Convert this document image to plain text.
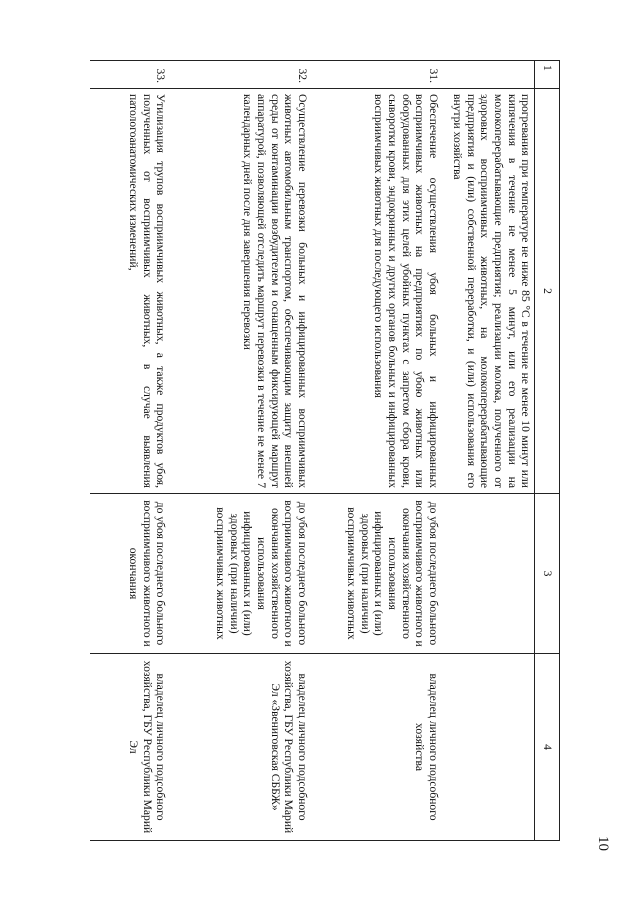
10
1	2	3	4
	прогревания при температуре не ниже 85 °С в течение не менее 10 минут или кипячения в течение не менее 5 минут, или его реализации на молокоперерабатывающие предприятия; реализации молока, полученного от здоровых восприимчивых животных, на молокоперерабатывающие предприятия и (или) собственной переработки, и (или) использования его внутри хозяйства		
31.	Обеспечение осуществления убоя больных и инфицированных восприимчивых животных на предприятиях по убою животных или оборудованных для этих целей убойных пунктах с запретом сбора крови, сыворотки крови, эндокринных и других органов больных и инфицированных восприимчивых животных для последующего использования	до убоя последнего больного восприимчивого животного и окончания хозяйственного использования инфицированных и (или) здоровых (при наличии) восприимчивых животных	владелец личного подсобного хозяйства
32.	Осуществление перевозки больных и инфицированных восприимчивых животных автомобильным транспортом, обеспечивающим защиту внешней среды от контаминации возбудителем и оснащенным фиксирующей маршрут аппаратурой, позволяющей отследить маршрут перевозки в течение не менее 7 календарных дней после дня завершения перевозки	до убоя последнего больного восприимчивого животного и окончания хозяйственного использования инфицированных и (или) здоровых (при наличии) восприимчивых животных	владелец личного подсобного хозяйства, ГБУ Республики Марий Эл «Звениговская СББЖ»
33.	Утилизация трупов восприимчивых животных, а также продуктов убоя, полученных от восприимчивых животных, в случае выявления патологоанатомических изменений,	до убоя последнего больного восприимчивого животного и окончания	владелец личного подсобного хозяйства, ГБУ Республики Марий Эл
